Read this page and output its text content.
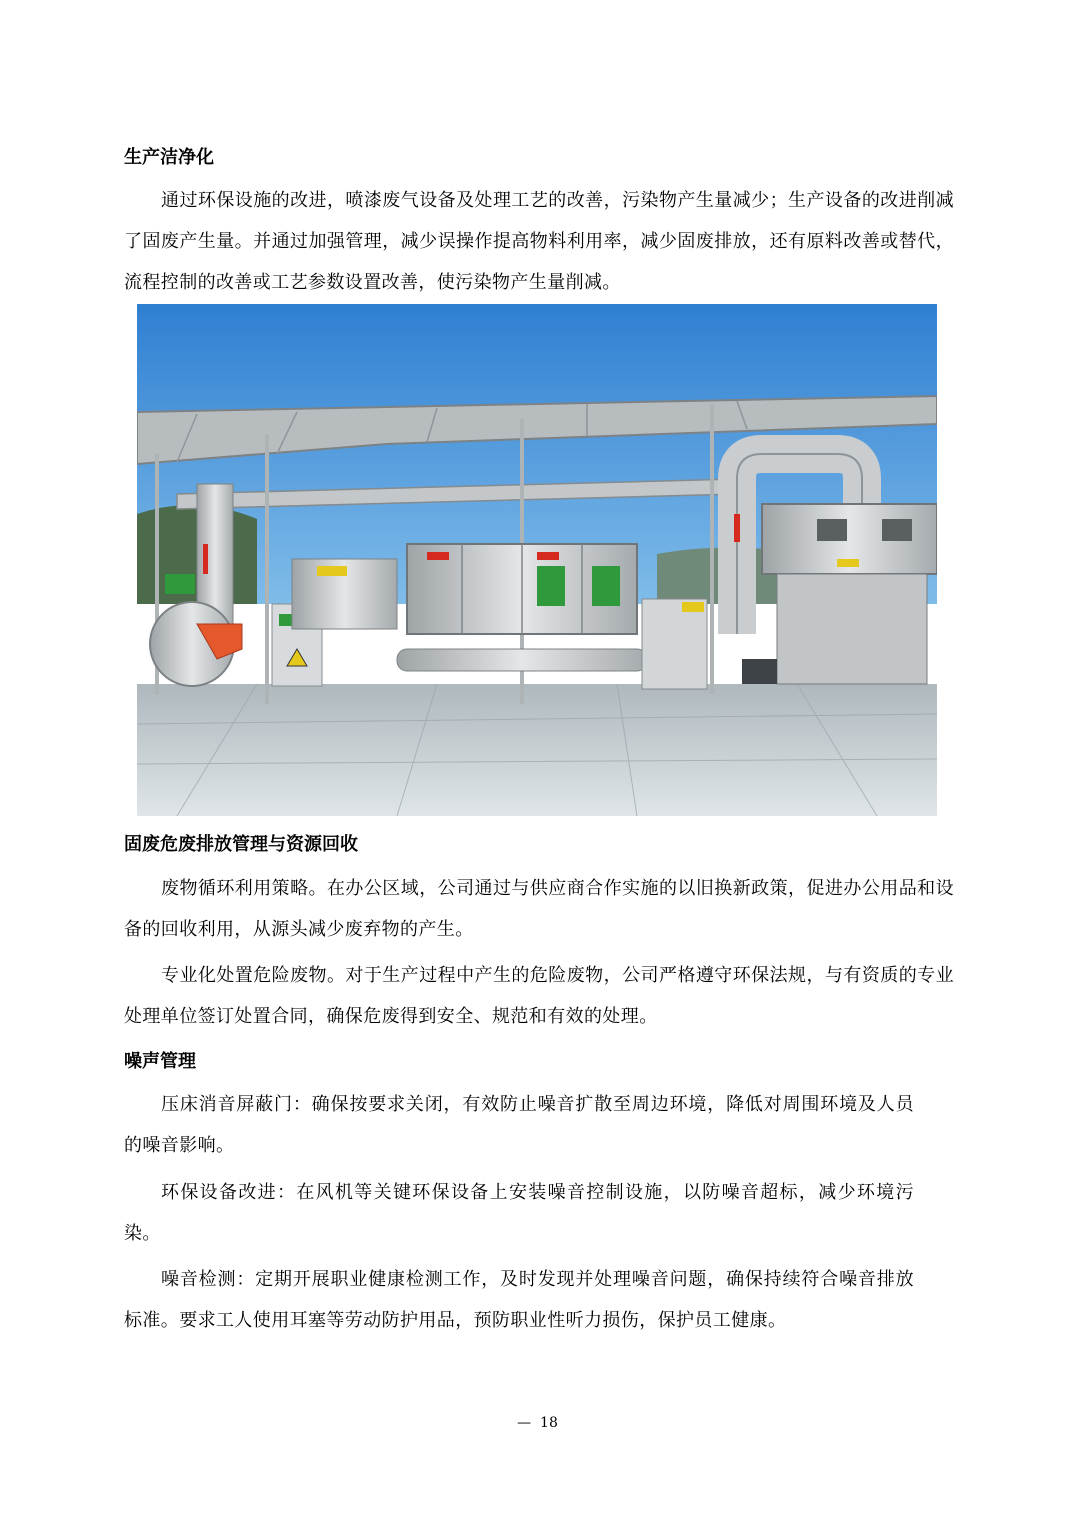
生产洁净化

通过环保设施的改进，喷漆废气设备及处理工艺的改善，污染物产生量减少；生产设备的改进削减了固废产生量。并通过加强管理，减少误操作提高物料利用率，减少固废排放，还有原料改善或替代，流程控制的改善或工艺参数设置改善，使污染物产生量削减。

固废危废排放管理与资源回收

废物循环利用策略。在办公区域，公司通过与供应商合作实施的以旧换新政策，促进办公用品和设备的回收利用，从源头减少废弃物的产生。

专业化处置危险废物。对于生产过程中产生的危险废物，公司严格遵守环保法规，与有资质的专业处理单位签订处置合同，确保危废得到安全、规范和有效的处理。

噪声管理

压床消音屏蔽门：确保按要求关闭，有效防止噪音扩散至周边环境，降低对周围环境及人员的噪音影响。

环保设备改进：在风机等关键环保设备上安装噪音控制设施，以防噪音超标，减少环境污染。

噪音检测：定期开展职业健康检测工作，及时发现并处理噪音问题，确保持续符合噪音排放标准。要求工人使用耳塞等劳动防护用品，预防职业性听力损伤，保护员工健康。

—  18
